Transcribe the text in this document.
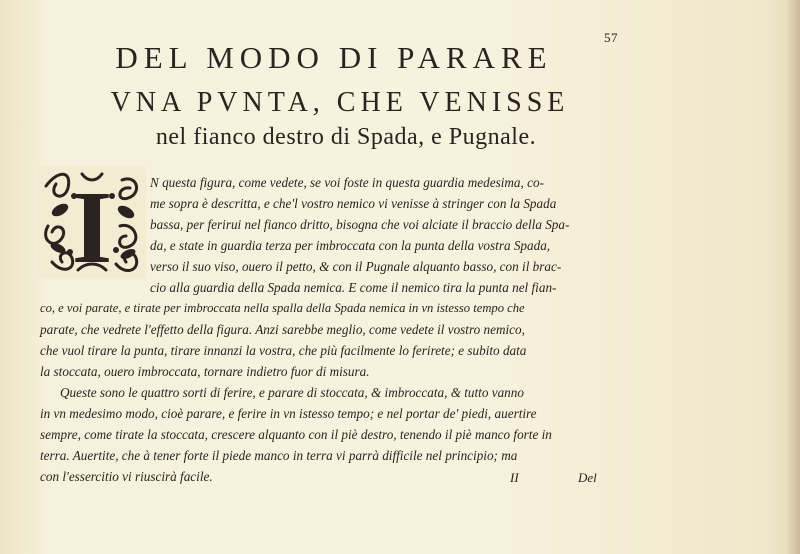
57
DEL MODO DI PARARE
VNA PVNTA, CHE VENISSE
nel fianco destro di Spada, e Pugnale.
I	N questa figura, come vedete, se voi foste in questa guardia medesima, co-
me sopra è descritta, e che'l vostro nemico vi venisse à stringer con la Spada
bassa, per ferirui nel fianco dritto, bisogna che voi alciate il braccio della Spa-
da, e state in guardia terza per imbroccata con la punta della vostra Spada,
verso il suo viso, ouero il petto, & con il Pugnale alquanto basso, con il brac-
cio alla guardia della Spada nemica. E come il nemico tira la punta nel fian-
co, e voi parate, e tirate per imbroccata nella spalla della Spada nemica in vn istesso tempo che
parate, che vedrete l'effetto della figura. Anzi sarebbe meglio, come vedete il vostro nemico,
che vuol tirare la punta, tirare innanzi la vostra, che più facilmente lo ferirete; e subito data
la stoccata, ouero imbroccata, tornare indietro fuor di misura.
Queste sono le quattro sorti di ferire, e parare di stoccata, & imbroccata, & tutto vanno
in vn medesimo modo, cioè parare, e ferire in vn istesso tempo; e nel portar de' piedi, auertire
sempre, come tirate la stoccata, crescere alquanto con il piè destro, tenendo il piè manco forte in
terra. Auertite, che à tener forte il piede manco in terra vi parrà difficile nel principio; ma
con l'essercitio vi riuscirà facile.	II	Del
